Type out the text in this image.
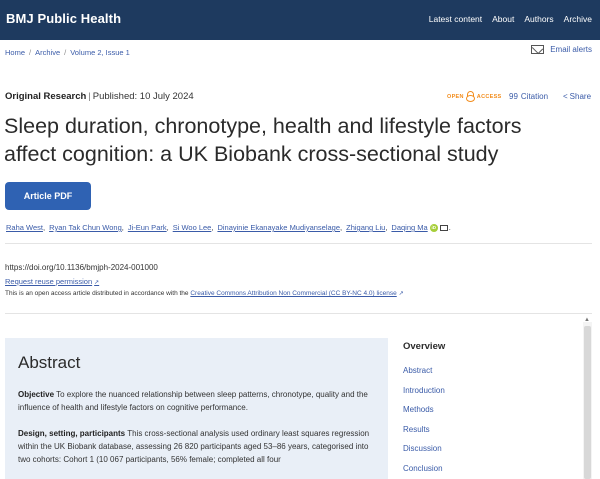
BMJ Public Health	Latest content About Authors Archive
Home / Archive / Volume 2, Issue 1	Email alerts
Original Research | Published: 10 July 2024	OPEN ACCESS 99 Citation < Share
Sleep duration, chronotype, health and lifestyle factors affect cognition: a UK Biobank cross-sectional study
Article PDF
Raha West , Ryan Tak Chun Wong , Ji-Eun Park , Si Woo Lee , Dinayinie Ekanayake Mudiyanselage , Zhigang Liu , Daqing Ma iD .
https://doi.org/10.1136/bmjph-2024-001000
Request reuse permission ↗
This is an open access article distributed in accordance with the Creative Commons Attribution Non Commercial (CC BY-NC 4.0) license ↗
Abstract

Objective To explore the nuanced relationship between sleep patterns, chronotype, quality and the influence of health and lifestyle factors on cognitive performance.

Design, setting, participants This cross-sectional analysis used ordinary least squares regression within the UK Biobank database, assessing 26 820 participants aged 53–86 years, categorised into two cohorts: Cohort 1 (10 067 participants, 56% female; completed all four

Overview
Abstract
Introduction
Methods
Results
Discussion
Conclusion
▲
